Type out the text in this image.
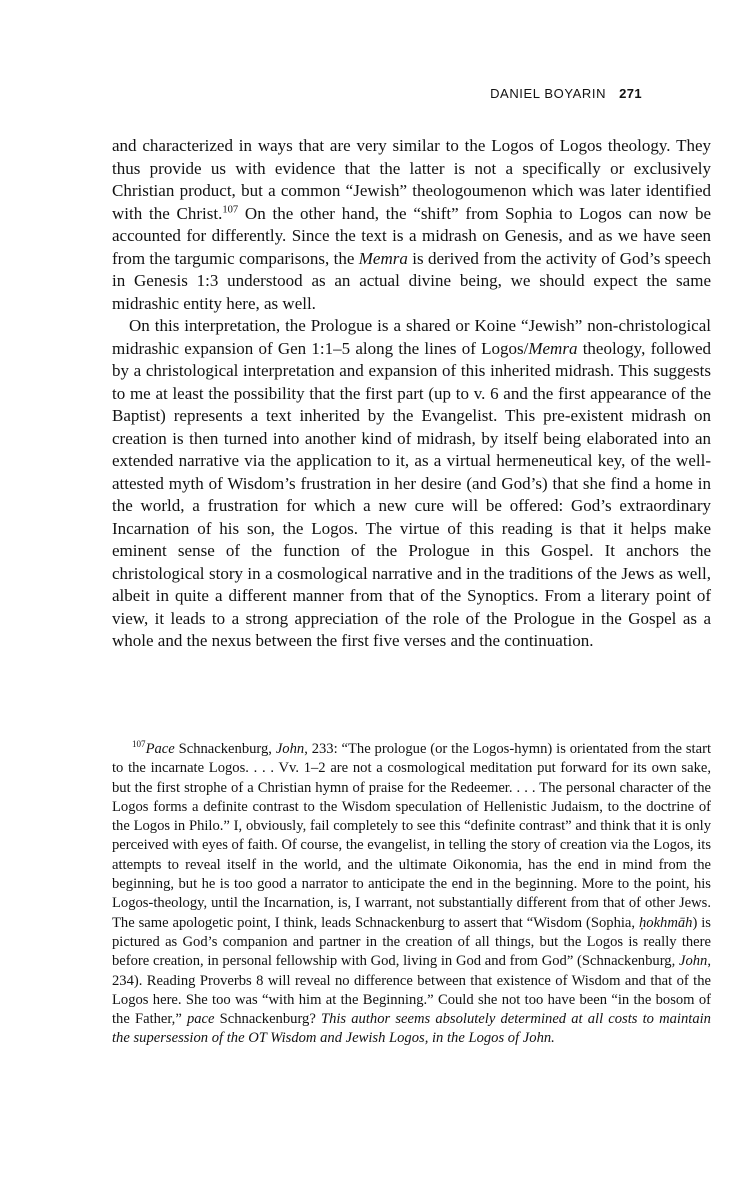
DANIEL BOYARIN 271

and characterized in ways that are very similar to the Logos of Logos theology. They thus provide us with evidence that the latter is not a specifically or exclusively Christian product, but a common “Jewish” theologoumenon which was later identified with the Christ.$^{107}$ On the other hand, the “shift” from Sophia to Logos can now be accounted for differently. Since the text is a midrash on Genesis, and as we have seen from the targumic comparisons, the Memra is derived from the activity of God’s speech in Genesis 1:3 understood as an actual divine being, we should expect the same midrashic entity here, as well.

On this interpretation, the Prologue is a shared or Koine “Jewish” non-christological midrashic expansion of Gen 1:1–5 along the lines of Logos/Memra theology, followed by a christological interpretation and expansion of this inherited midrash. This suggests to me at least the possibility that the first part (up to v. 6 and the first appearance of the Baptist) represents a text inherited by the Evangelist. This pre-existent midrash on creation is then turned into another kind of midrash, by itself being elaborated into an extended narrative via the application to it, as a virtual hermeneutical key, of the well-attested myth of Wisdom’s frustration in her desire (and God’s) that she find a home in the world, a frustration for which a new cure will be offered: God’s extraordinary Incarnation of his son, the Logos. The virtue of this reading is that it helps make eminent sense of the function of the Prologue in this Gospel. It anchors the christological story in a cosmological narrative and in the traditions of the Jews as well, albeit in quite a different manner from that of the Synoptics. From a literary point of view, it leads to a strong appreciation of the role of the Prologue in the Gospel as a whole and the nexus between the first five verses and the continuation.

$^{107}$Pace Schnackenburg, John, 233: “The prologue (or the Logos-hymn) is orientated from the start to the incarnate Logos. . . . Vv. 1–2 are not a cosmological meditation put forward for its own sake, but the first strophe of a Christian hymn of praise for the Redeemer. . . . The personal character of the Logos forms a definite contrast to the Wisdom speculation of Hellenistic Judaism, to the doctrine of the Logos in Philo.” I, obviously, fail completely to see this “definite contrast” and think that it is only perceived with eyes of faith. Of course, the evangelist, in telling the story of creation via the Logos, its attempts to reveal itself in the world, and the ultimate Oikonomia, has the end in mind from the beginning, but he is too good a narrator to anticipate the end in the beginning. More to the point, his Logos-theology, until the Incarnation, is, I warrant, not substantially different from that of other Jews. The same apologetic point, I think, leads Schnackenburg to assert that “Wisdom (Sophia, ḥokhmāh) is pictured as God’s companion and partner in the creation of all things, but the Logos is really there before creation, in personal fellowship with God, living in God and from God” (Schnackenburg, John, 234). Reading Proverbs 8 will reveal no difference between that existence of Wisdom and that of the Logos here. She too was “with him at the Beginning.” Could she not too have been “in the bosom of the Father,” pace Schnackenburg? This author seems absolutely determined at all costs to maintain the supersession of the OT Wisdom and Jewish Logos, in the Logos of John.
